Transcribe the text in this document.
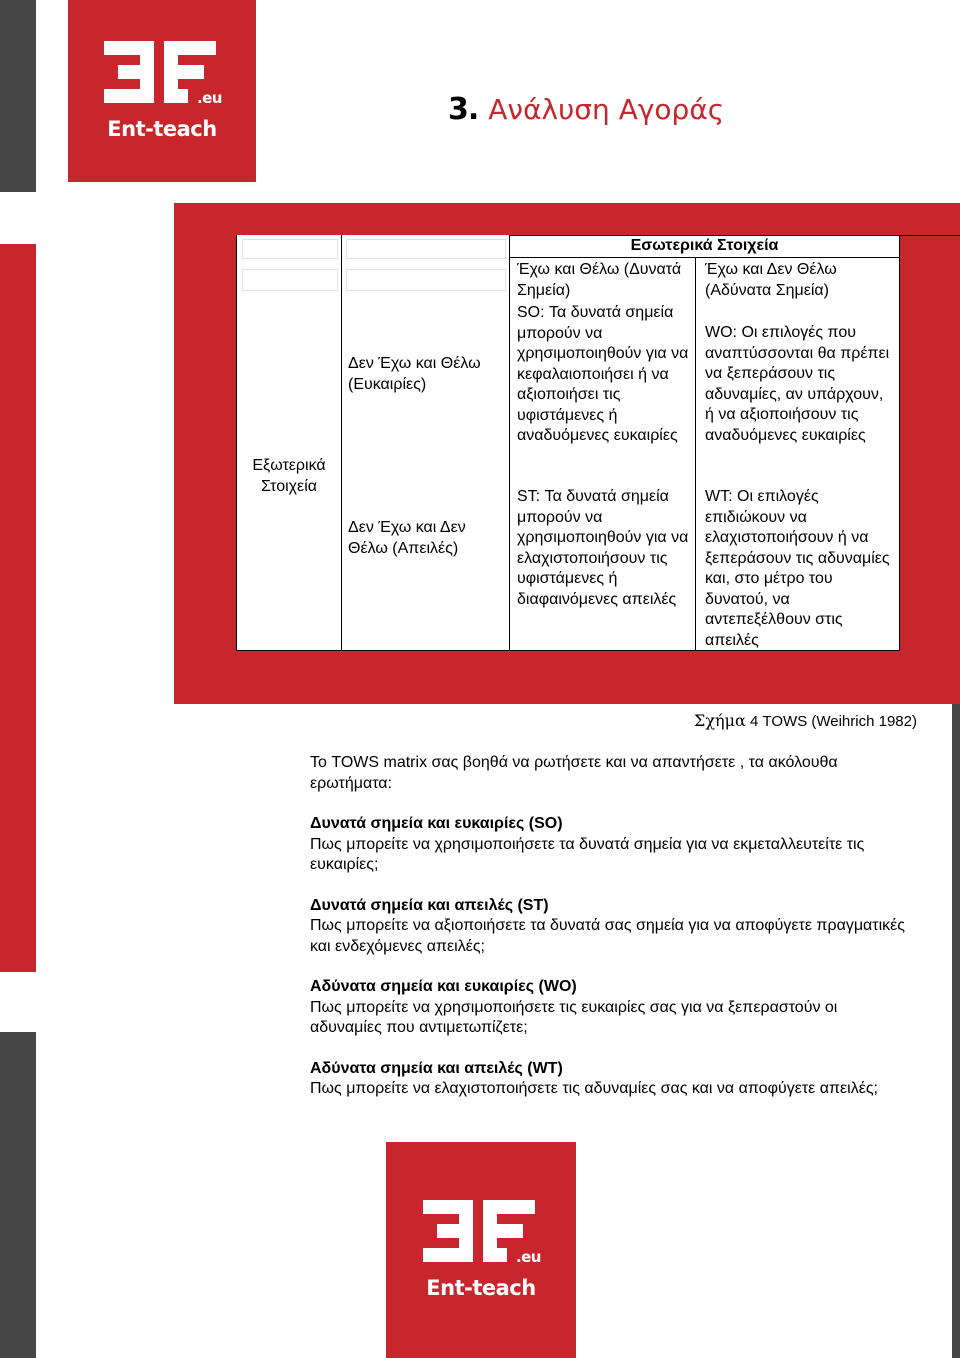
.eu
Ent-teach
3. Ανάλυση Αγοράς
Εσωτερικά Στοιχεία
Έχω και Θέλω (Δυνατά Σημεία)
Έχω και Δεν Θέλω (Αδύνατα Σημεία)
Εξωτερικά Στοιχεία
Δεν Έχω και Θέλω (Ευκαιρίες)
Δεν Έχω και Δεν Θέλω (Απειλές)
SO: Τα δυνατά σημεία μπορούν να χρησιμοποιηθούν για να κεφαλαιοποιήσει ή να αξιοποιήσει τις υφιστάμενες ή αναδυόμενες ευκαιρίες
WO: Οι επιλογές που αναπτύσσονται θα πρέπει να ξεπεράσουν τις αδυναμίες, αν υπάρχουν, ή να αξιοποιήσουν τις αναδυόμενες ευκαιρίες
ST: Τα δυνατά σημεία μπορούν να χρησιμοποιηθούν για να ελαχιστοποιήσουν τις υφιστάμενες ή διαφαινόμενες απειλές
WT: Οι επιλογές επιδιώκουν να ελαχιστοποιήσουν ή να ξεπεράσουν τις αδυναμίες και, στο μέτρο του δυνατού, να αντεπεξέλθουν στις απειλές
Σχήμα 4 TOWS (Weihrich 1982)
Το TOWS matrix σας βοηθά να ρωτήσετε και να απαντήσετε , τα ακόλουθα ερωτήματα:
Δυνατά σημεία και ευκαιρίες (SO)
Πως μπορείτε να χρησιμοποιήσετε τα δυνατά σημεία για να εκμεταλλευτείτε τις ευκαιρίες;
Δυνατά σημεία και απειλές (ST)
Πως μπορείτε να αξιοποιήσετε τα δυνατά σας σημεία για να αποφύγετε πραγματικές και ενδεχόμενες απειλές;
Αδύνατα σημεία και ευκαιρίες (WO)
Πως μπορείτε να χρησιμοποιήσετε τις ευκαιρίες σας για να ξεπεραστούν οι αδυναμίες που αντιμετωπίζετε;
Αδύνατα σημεία και απειλές (WT)
Πως μπορείτε να ελαχιστοποιήσετε τις αδυναμίες σας και να αποφύγετε απειλές;
.eu
Ent-teach
